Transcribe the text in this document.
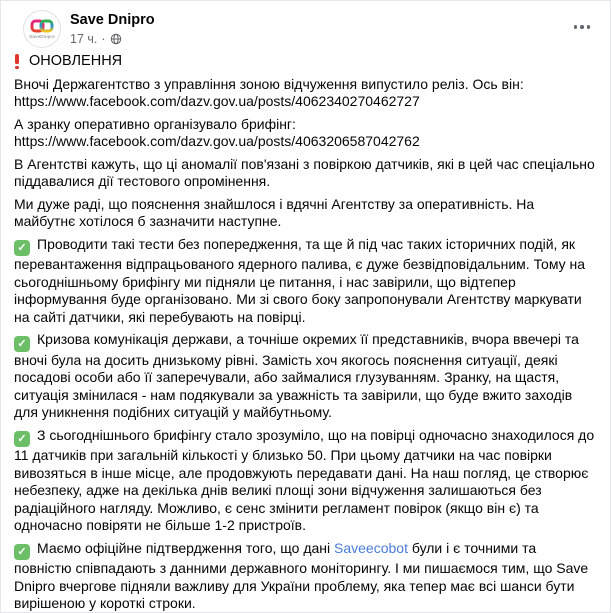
SaveDnipro
Save Dnipro
17 ч. ·

ОНОВЛЕННЯ

Вночі Держагентство з управління зоною відчуження випустило реліз. Ось він:
https://www.facebook.com/dazv.gov.ua/posts/4062340270462727

А зранку оперативно організувало брифінг:
https://www.facebook.com/dazv.gov.ua/posts/4063206587042762

В Агентстві кажуть, що ці аномалії пов'язані з повіркою датчиків, які в цей час спеціально піддавалися дії тестового опромінення.

Ми дуже раді, що пояснення знайшлося і вдячні Агентству за оперативність. На майбутнє хотілося б зазначити наступне.

✓ Проводити такі тести без попередження, та ще й під час таких історичних подій, як перевантаження відпрацьованого ядерного палива, є дуже безвідповідальним. Тому на сьогоднішньому брифінгу ми підняли це питання, і нас завірили, що відтепер інформування буде організовано. Ми зі свого боку запропонували Агентству маркувати на сайті датчики, які перебувають на повірці.

✓ Кризова комунікація держави, а точніше окремих її представників, вчора ввечері та вночі була на досить днизькому рівні. Замість хоч якогось пояснення ситуації, деякі посадові особи або її заперечували, або займалися глузуванням. Зранку, на щастя, ситуація змінилася - нам подякували за уважність та завірили, що буде вжито заходів для уникнення подібних ситуацій у майбутньому.

✓ З сьогоднішнього брифінгу стало зрозуміло, що на повірці одночасно знаходилося до 11 датчиків при загальній кількості у близько 50. При цьому датчики на час повірки вивозяться в інше місце, але продовжують передавати дані. На наш погляд, це створює небезпеку, адже на декілька днів великі площі зони відчуження залишаються без радіаційного нагляду. Можливо, є сенс змінити регламент повірок (якщо він є) та одночасно повіряти не більше 1-2 пристроїв.

✓ Маємо офіційне підтвердження того, що дані Saveecobot були і є точними та повністю співпадають з данними державного моніторингу. І ми пишаємося тим, що Save Dnipro вчергове підняли важливу для України проблему, яка тепер має всі шанси бути вирішеною у короткі строки.
